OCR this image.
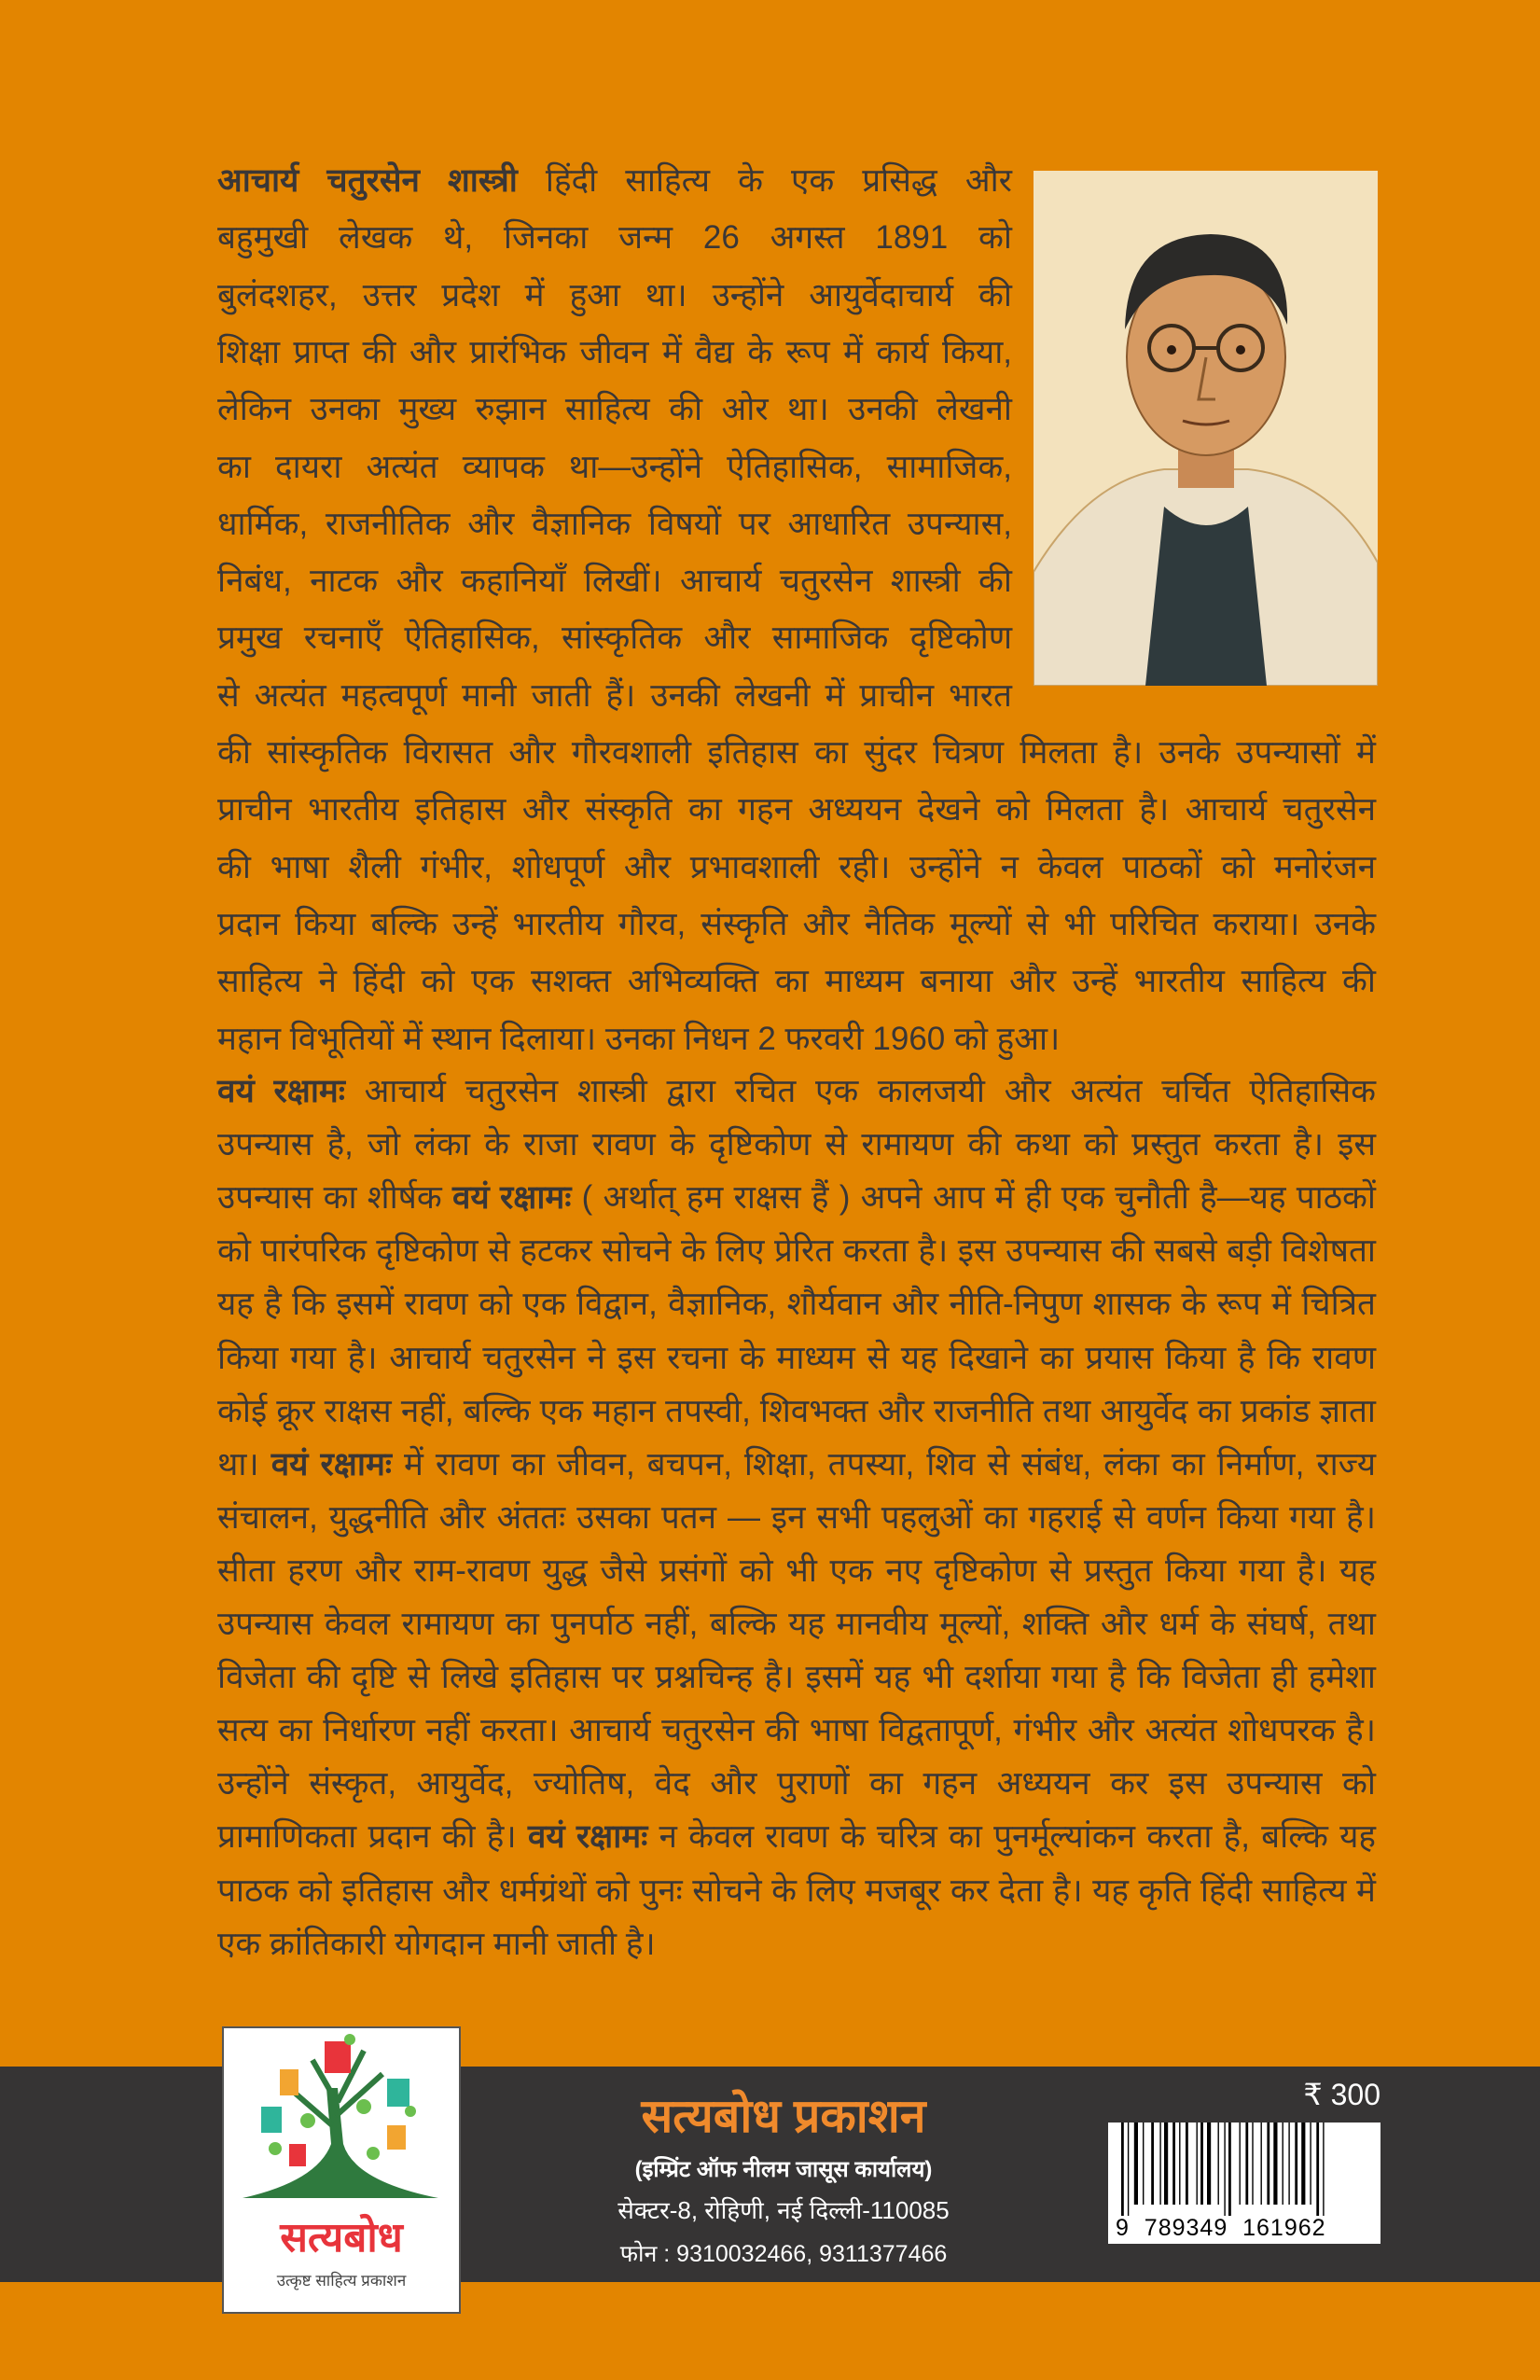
आचार्य चतुरसेन शास्त्री हिंदी साहित्य के एक प्रसिद्ध और
बहुमुखी लेखक थे, जिनका जन्म 26 अगस्त 1891 को
बुलंदशहर, उत्तर प्रदेश में हुआ था। उन्होंने आयुर्वेदाचार्य की
शिक्षा प्राप्त की और प्रारंभिक जीवन में वैद्य के रूप में कार्य किया,
लेकिन उनका मुख्य रुझान साहित्य की ओर था। उनकी लेखनी
का दायरा अत्यंत व्यापक था—उन्होंने ऐतिहासिक, सामाजिक,
धार्मिक, राजनीतिक और वैज्ञानिक विषयों पर आधारित उपन्यास,
निबंध, नाटक और कहानियाँ लिखीं। आचार्य चतुरसेन शास्त्री की
प्रमुख रचनाएँ ऐतिहासिक, सांस्कृतिक और सामाजिक दृष्टिकोण
से अत्यंत महत्वपूर्ण मानी जाती हैं। उनकी लेखनी में प्राचीन भारत
की सांस्कृतिक विरासत और गौरवशाली इतिहास का सुंदर चित्रण मिलता है। उनके उपन्यासों में
प्राचीन भारतीय इतिहास और संस्कृति का गहन अध्ययन देखने को मिलता है। आचार्य चतुरसेन
की भाषा शैली गंभीर, शोधपूर्ण और प्रभावशाली रही। उन्होंने न केवल पाठकों को मनोरंजन
प्रदान किया बल्कि उन्हें भारतीय गौरव, संस्कृति और नैतिक मूल्यों से भी परिचित कराया। उनके
साहित्य ने हिंदी को एक सशक्त अभिव्यक्ति का माध्यम बनाया और उन्हें भारतीय साहित्य की
महान विभूतियों में स्थान दिलाया। उनका निधन 2 फरवरी 1960 को हुआ।
वयं रक्षामः आचार्य चतुरसेन शास्त्री द्वारा रचित एक कालजयी और अत्यंत चर्चित ऐतिहासिक
उपन्यास है, जो लंका के राजा रावण के दृष्टिकोण से रामायण की कथा को प्रस्तुत करता है। इस
उपन्यास का शीर्षक वयं रक्षामः ( अर्थात् हम राक्षस हैं ) अपने आप में ही एक चुनौती है—यह पाठकों
को पारंपरिक दृष्टिकोण से हटकर सोचने के लिए प्रेरित करता है। इस उपन्यास की सबसे बड़ी विशेषता
यह है कि इसमें रावण को एक विद्वान, वैज्ञानिक, शौर्यवान और नीति-निपुण शासक के रूप में चित्रित
किया गया है। आचार्य चतुरसेन ने इस रचना के माध्यम से यह दिखाने का प्रयास किया है कि रावण
कोई क्रूर राक्षस नहीं, बल्कि एक महान तपस्वी, शिवभक्त और राजनीति तथा आयुर्वेद का प्रकांड ज्ञाता
था। वयं रक्षामः में रावण का जीवन, बचपन, शिक्षा, तपस्या, शिव से संबंध, लंका का निर्माण, राज्य
संचालन, युद्धनीति और अंततः उसका पतन — इन सभी पहलुओं का गहराई से वर्णन किया गया है।
सीता हरण और राम-रावण युद्ध जैसे प्रसंगों को भी एक नए दृष्टिकोण से प्रस्तुत किया गया है। यह
उपन्यास केवल रामायण का पुनर्पाठ नहीं, बल्कि यह मानवीय मूल्यों, शक्ति और धर्म के संघर्ष, तथा
विजेता की दृष्टि से लिखे इतिहास पर प्रश्नचिन्ह है। इसमें यह भी दर्शाया गया है कि विजेता ही हमेशा
सत्य का निर्धारण नहीं करता। आचार्य चतुरसेन की भाषा विद्वतापूर्ण, गंभीर और अत्यंत शोधपरक है।
उन्होंने संस्कृत, आयुर्वेद, ज्योतिष, वेद और पुराणों का गहन अध्ययन कर इस उपन्यास को
प्रामाणिकता प्रदान की है। वयं रक्षामः न केवल रावण के चरित्र का पुनर्मूल्यांकन करता है, बल्कि यह
पाठक को इतिहास और धर्मग्रंथों को पुनः सोचने के लिए मजबूर कर देता है। यह कृति हिंदी साहित्य में
एक क्रांतिकारी योगदान मानी जाती है।
सत्यबोध
उत्कृष्ट साहित्य प्रकाशन
सत्यबोध प्रकाशन
(इम्प्रिंट ऑफ नीलम जासूस कार्यालय)
सेक्टर-8, रोहिणी, नई दिल्ली-110085
फोन : 9310032466, 9311377466
₹ 300
9  789349  161962
